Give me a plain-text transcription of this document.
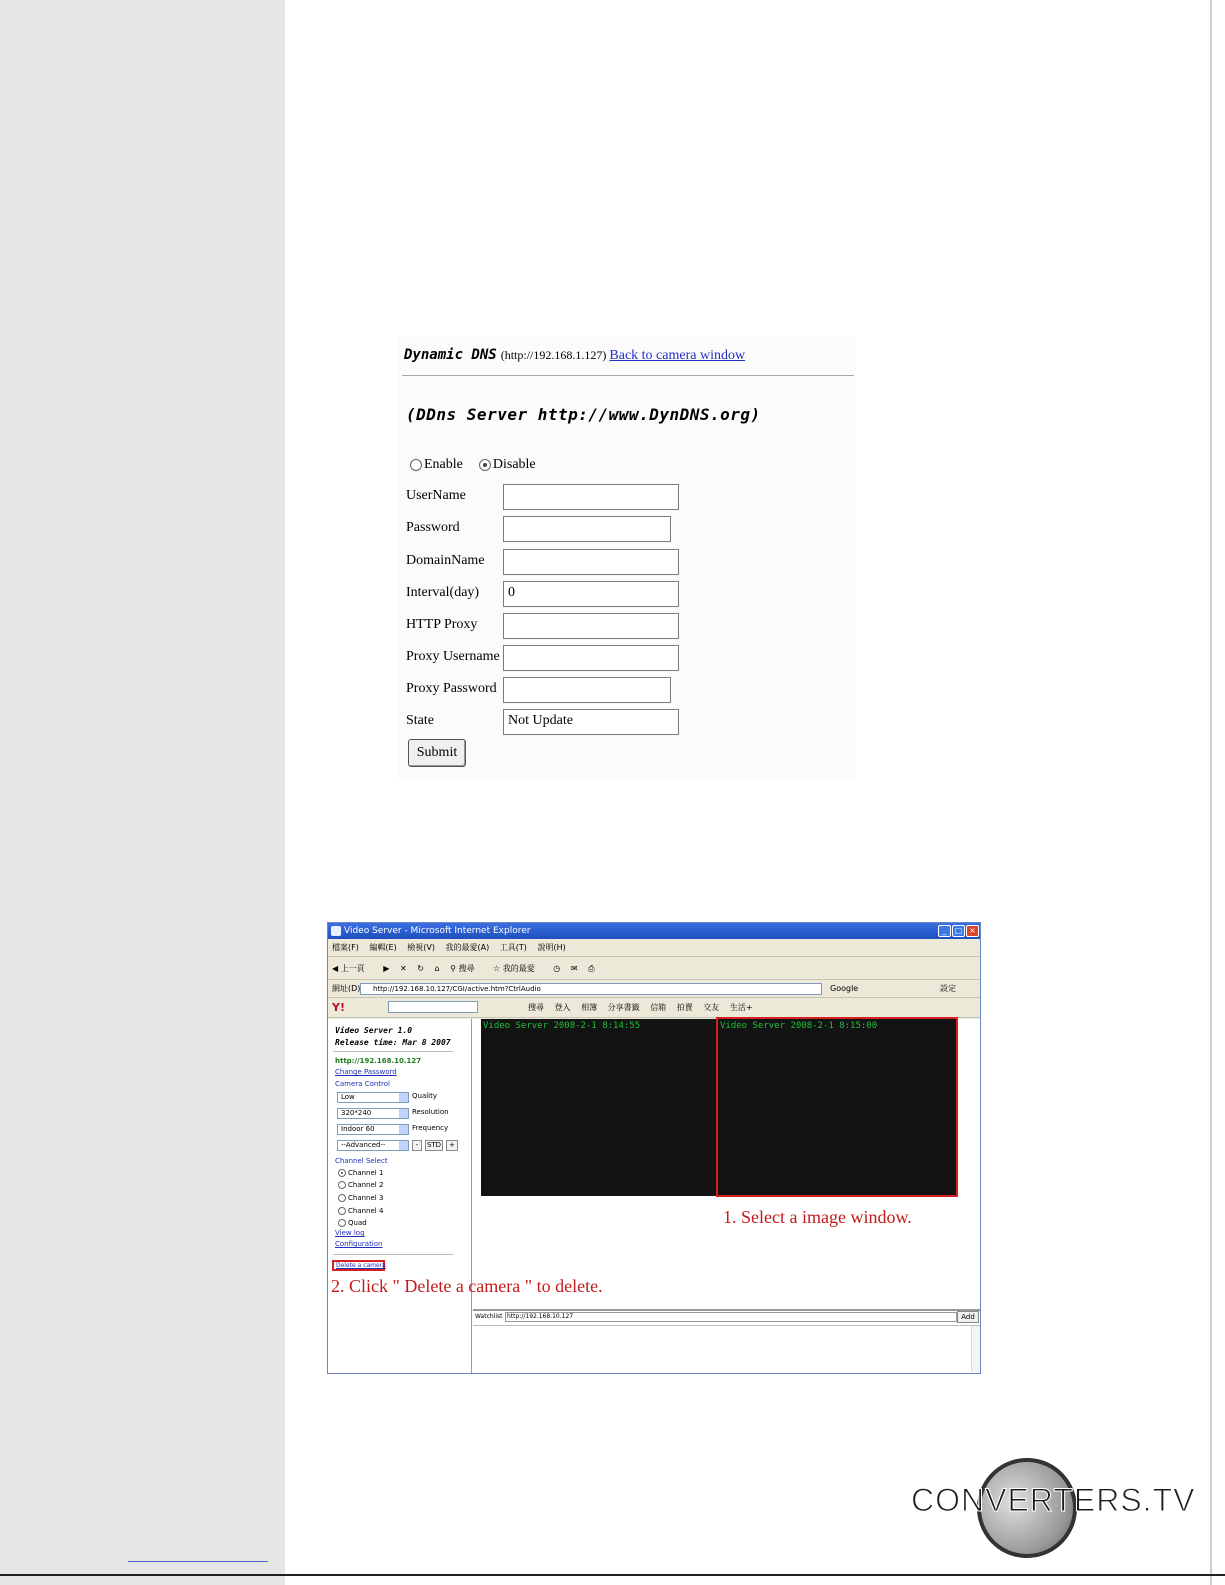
Dynamic DNS (http://192.168.1.127) Back to camera window
(DDns Server http://www.DynDNS.org)
Enable Disable
UserName
Password
DomainName
Interval(day)	0
HTTP Proxy
Proxy Username
Proxy Password
State	Not Update
Submit
Video Server - Microsoft Internet Explorer	_	□ ×
檔案(F) 編輯(E) 檢視(V) 我的最愛(A) 工具(T) 說明(H)
◀ 上一頁 ▶ ✕ ↻ ⌂ ⚲ 搜尋 ☆ 我的最愛 ◷ ✉ ⎙
網址(D)	http://192.168.10.127/CGI/active.htm?CtrlAudio	Google	設定
Y!	搜尋 登入 相簿 分享書籤 信箱 拍賣 交友 生活+
Video Server 1.0
Release time: Mar 8 2007
http://192.168.10.127
Change Password
Camera Control
Low	Quality
320*240	Resolution
Indoor 60	Frequency
--Advanced--	-	STD	+
Channel Select
Channel 1
Channel 2
Channel 3
Channel 4
Quad
View log
Configuration
Delete a camera
Video Server 2008-2-1 8:14:55	Video Server 2008-2-1 8:15:00
Watchlist http://192.168.10.127	Add
1. Select a image window.
2. Click " Delete a camera " to delete.
CONVERTERS.TV
